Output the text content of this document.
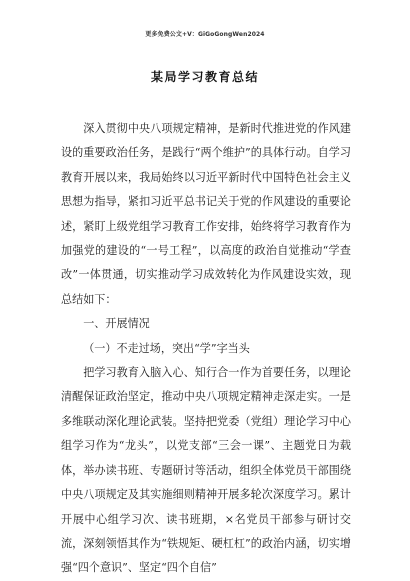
更多免费公文+V：GiGoGongWen2024
某局学习教育总结

深入贯彻中央八项规定精神，是新时代推进党的作风建设的重要政治任务，是践行“两个维护”的具体行动。自学习教育开展以来，我局始终以习近平新时代中国特色社会主义思想为指导，紧扣习近平总书记关于党的作风建设的重要论述，紧盯上级党组学习教育工作安排，始终将学习教育作为加强党的建设的“一号工程”，以高度的政治自觉推动“学查改”一体贯通，切实推动学习成效转化为作风建设实效，现总结如下：

一、开展情况

（一）不走过场，突出“学”字当头

把学习教育入脑入心、知行合一作为首要任务，以理论清醒保证政治坚定，推动中央八项规定精神走深走实。一是多维联动深化理论武装。坚持把党委（党组）理论学习中心组学习作为“龙头”，以党支部“三会一课”、主题党日为载体，举办读书班、专题研讨等活动，组织全体党员干部围绕中央八项规定及其实施细则精神开展多轮次深度学习。累计开展中心组学习次、读书班期，×名党员干部参与研讨交流，深刻领悟其作为“铁规矩、硬杠杠”的政治内涵，切实增强“四个意识”、坚定“四个自信”
